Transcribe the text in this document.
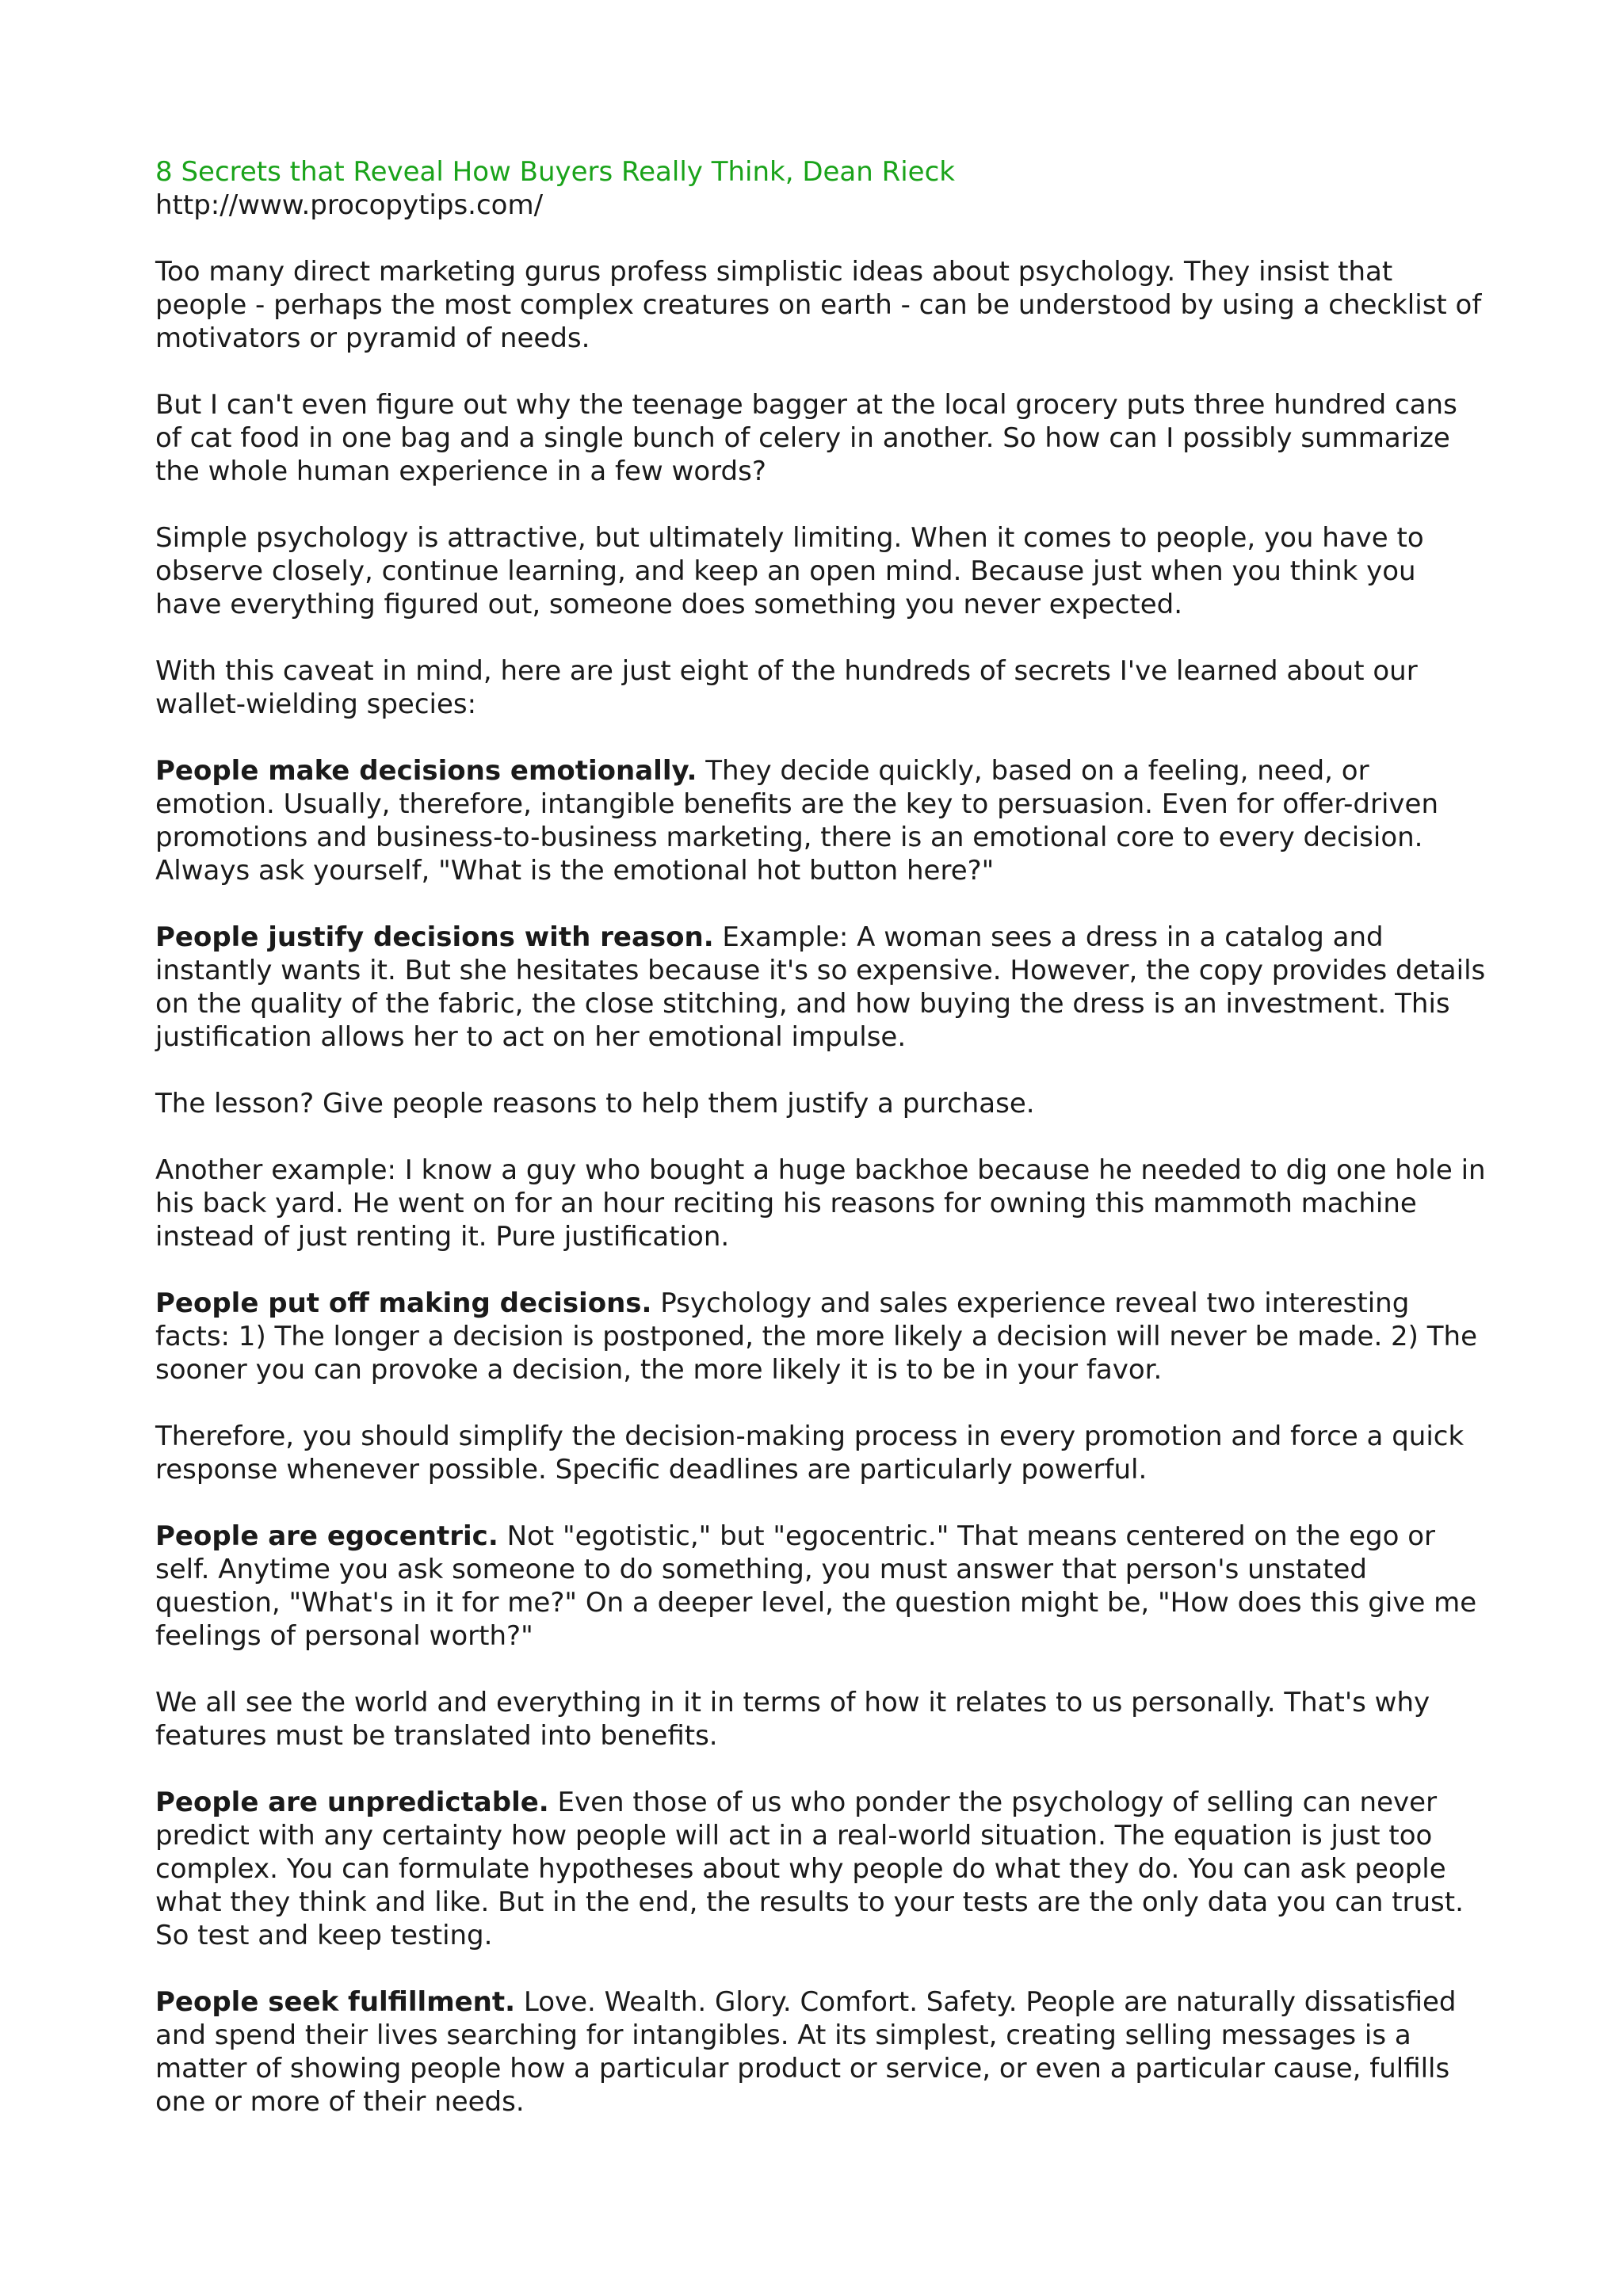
8 Secrets that Reveal How Buyers Really Think, Dean Rieck
http://www.procopytips.com/

Too many direct marketing gurus profess simplistic ideas about psychology. They insist that people - perhaps the most complex creatures on earth - can be understood by using a checklist of motivators or pyramid of needs.

But I can't even figure out why the teenage bagger at the local grocery puts three hundred cans of cat food in one bag and a single bunch of celery in another. So how can I possibly summarize the whole human experience in a few words?

Simple psychology is attractive, but ultimately limiting. When it comes to people, you have to observe closely, continue learning, and keep an open mind. Because just when you think you have everything figured out, someone does something you never expected.

With this caveat in mind, here are just eight of the hundreds of secrets I've learned about our wallet-wielding species:

People make decisions emotionally. They decide quickly, based on a feeling, need, or emotion. Usually, therefore, intangible benefits are the key to persuasion. Even for offer-driven promotions and business-to-business marketing, there is an emotional core to every decision. Always ask yourself, "What is the emotional hot button here?"

People justify decisions with reason. Example: A woman sees a dress in a catalog and instantly wants it. But she hesitates because it's so expensive. However, the copy provides details on the quality of the fabric, the close stitching, and how buying the dress is an investment. This justification allows her to act on her emotional impulse.

The lesson? Give people reasons to help them justify a purchase.

Another example: I know a guy who bought a huge backhoe because he needed to dig one hole in his back yard. He went on for an hour reciting his reasons for owning this mammoth machine instead of just renting it. Pure justification.

People put off making decisions. Psychology and sales experience reveal two interesting facts: 1) The longer a decision is postponed, the more likely a decision will never be made. 2) The sooner you can provoke a decision, the more likely it is to be in your favor.

Therefore, you should simplify the decision-making process in every promotion and force a quick response whenever possible. Specific deadlines are particularly powerful.

People are egocentric. Not "egotistic," but "egocentric." That means centered on the ego or self. Anytime you ask someone to do something, you must answer that person's unstated question, "What's in it for me?" On a deeper level, the question might be, "How does this give me feelings of personal worth?"

We all see the world and everything in it in terms of how it relates to us personally. That's why features must be translated into benefits.

People are unpredictable. Even those of us who ponder the psychology of selling can never predict with any certainty how people will act in a real-world situation. The equation is just too complex. You can formulate hypotheses about why people do what they do. You can ask people what they think and like. But in the end, the results to your tests are the only data you can trust. So test and keep testing.

People seek fulfillment. Love. Wealth. Glory. Comfort. Safety. People are naturally dissatisfied and spend their lives searching for intangibles. At its simplest, creating selling messages is a matter of showing people how a particular product or service, or even a particular cause, fulfills one or more of their needs.
